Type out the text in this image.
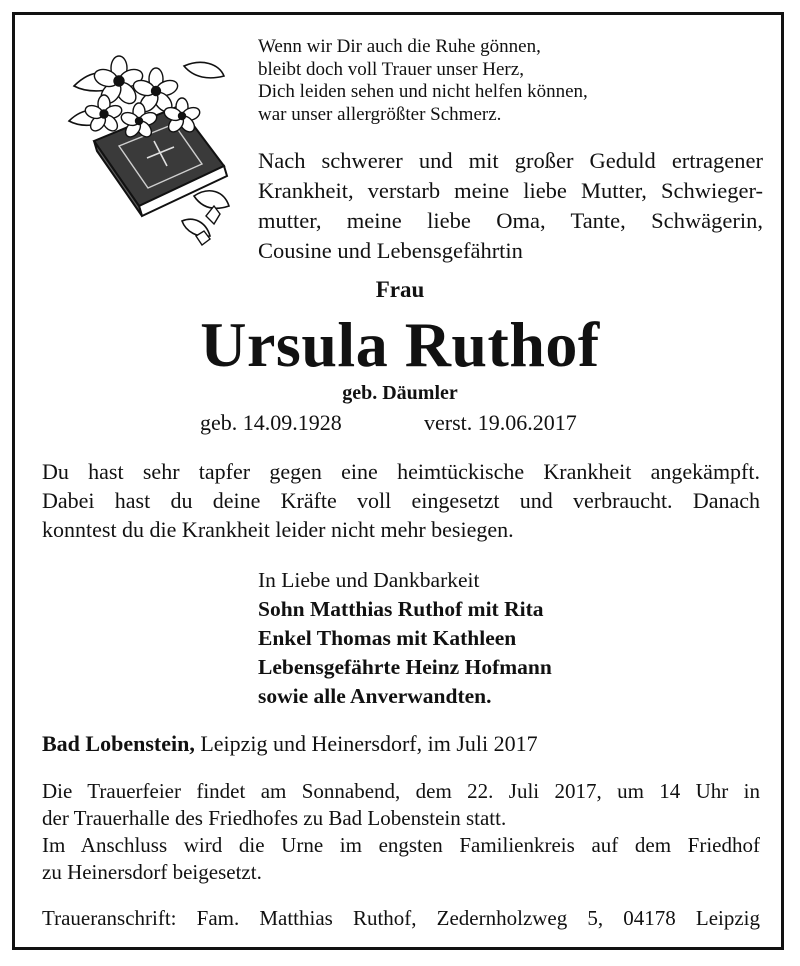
Wenn wir Dir auch die Ruhe gönnen,
bleibt doch voll Trauer unser Herz,
Dich leiden sehen und nicht helfen können,
war unser allergrößter Schmerz.
Nach schwerer und mit großer Geduld ertragener
Krankheit, verstarb meine liebe Mutter, Schwieger-
mutter, meine liebe Oma, Tante, Schwägerin,
Cousine und Lebensgefährtin
Frau
Ursula Ruthof
geb. Däumler
geb. 14.09.1928	verst. 19.06.2017
Du hast sehr tapfer gegen eine heimtückische Krankheit angekämpft.
Dabei hast du deine Kräfte voll eingesetzt und verbraucht. Danach
konntest du die Krankheit leider nicht mehr besiegen.
In Liebe und Dankbarkeit
Sohn Matthias Ruthof mit Rita
Enkel Thomas mit Kathleen
Lebensgefährte Heinz Hofmann
sowie alle Anverwandten.
Bad Lobenstein, Leipzig und Heinersdorf, im Juli 2017
Die Trauerfeier findet am Sonnabend, dem 22. Juli 2017, um 14 Uhr in
der Trauerhalle des Friedhofes zu Bad Lobenstein statt.
Im Anschluss wird die Urne im engsten Familienkreis auf dem Friedhof
zu Heinersdorf beigesetzt.
Traueranschrift: Fam. Matthias Ruthof, Zedernholzweg 5, 04178 Leipzig
